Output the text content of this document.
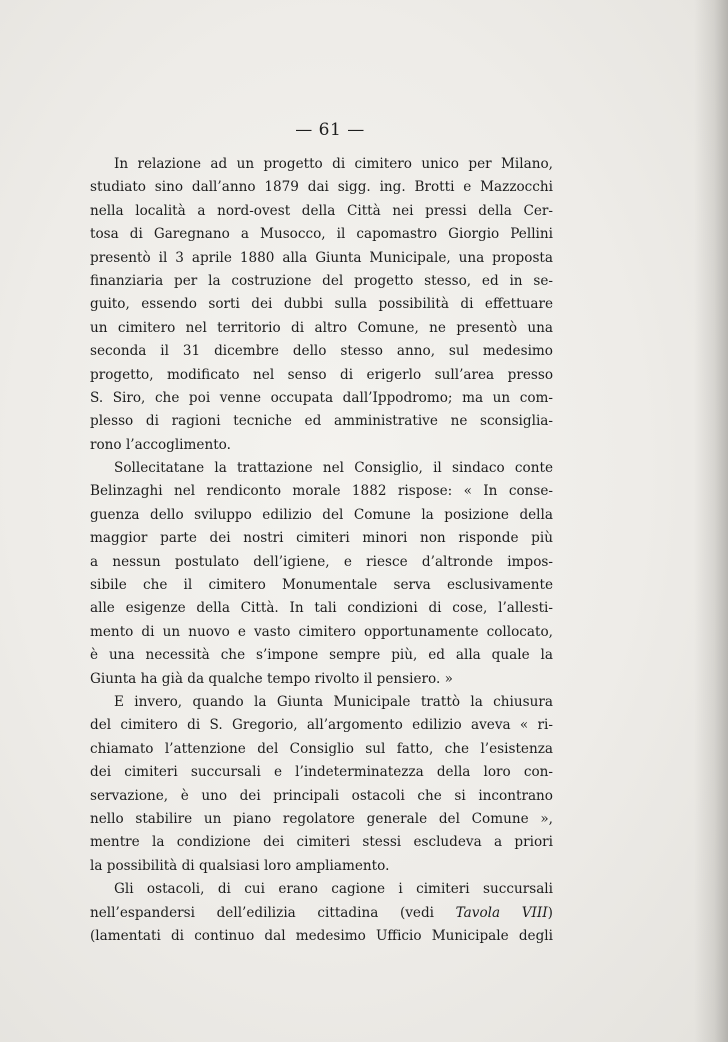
— 61 —
In relazione ad un progetto di cimitero unico per Milano,
studiato sino dall’anno 1879 dai sigg. ing. Brotti e Mazzocchi
nella località a nord-ovest della Città nei pressi della Cer-
tosa di Garegnano a Musocco, il capomastro Giorgio Pellini
presentò il 3 aprile 1880 alla Giunta Municipale, una proposta
finanziaria per la costruzione del progetto stesso, ed in se-
guito, essendo sorti dei dubbi sulla possibilità di effettuare
un cimitero nel territorio di altro Comune, ne presentò una
seconda il 31 dicembre dello stesso anno, sul medesimo
progetto, modificato nel senso di erigerlo sull’area presso
S. Siro, che poi venne occupata dall’Ippodromo; ma un com-
plesso di ragioni tecniche ed amministrative ne sconsiglia-
rono l’accoglimento.
Sollecitatane la trattazione nel Consiglio, il sindaco conte
Belinzaghi nel rendiconto morale 1882 rispose: « In conse-
guenza dello sviluppo edilizio del Comune la posizione della
maggior parte dei nostri cimiteri minori non risponde più
a nessun postulato dell’igiene, e riesce d’altronde impos-
sibile che il cimitero Monumentale serva esclusivamente
alle esigenze della Città. In tali condizioni di cose, l’allesti-
mento di un nuovo e vasto cimitero opportunamente collocato,
è una necessità che s’impone sempre più, ed alla quale la
Giunta ha già da qualche tempo rivolto il pensiero. »
E invero, quando la Giunta Municipale trattò la chiusura
del cimitero di S. Gregorio, all’argomento edilizio aveva « ri-
chiamato l’attenzione del Consiglio sul fatto, che l’esistenza
dei cimiteri succursali e l’indeterminatezza della loro con-
servazione, è uno dei principali ostacoli che si incontrano
nello stabilire un piano regolatore generale del Comune »,
mentre la condizione dei cimiteri stessi escludeva a priori
la possibilità di qualsiasi loro ampliamento.
Gli ostacoli, di cui erano cagione i cimiteri succursali
nell’espandersi dell’edilizia cittadina (vedi Tavola VIII)
(lamentati di continuo dal medesimo Ufficio Municipale degli
